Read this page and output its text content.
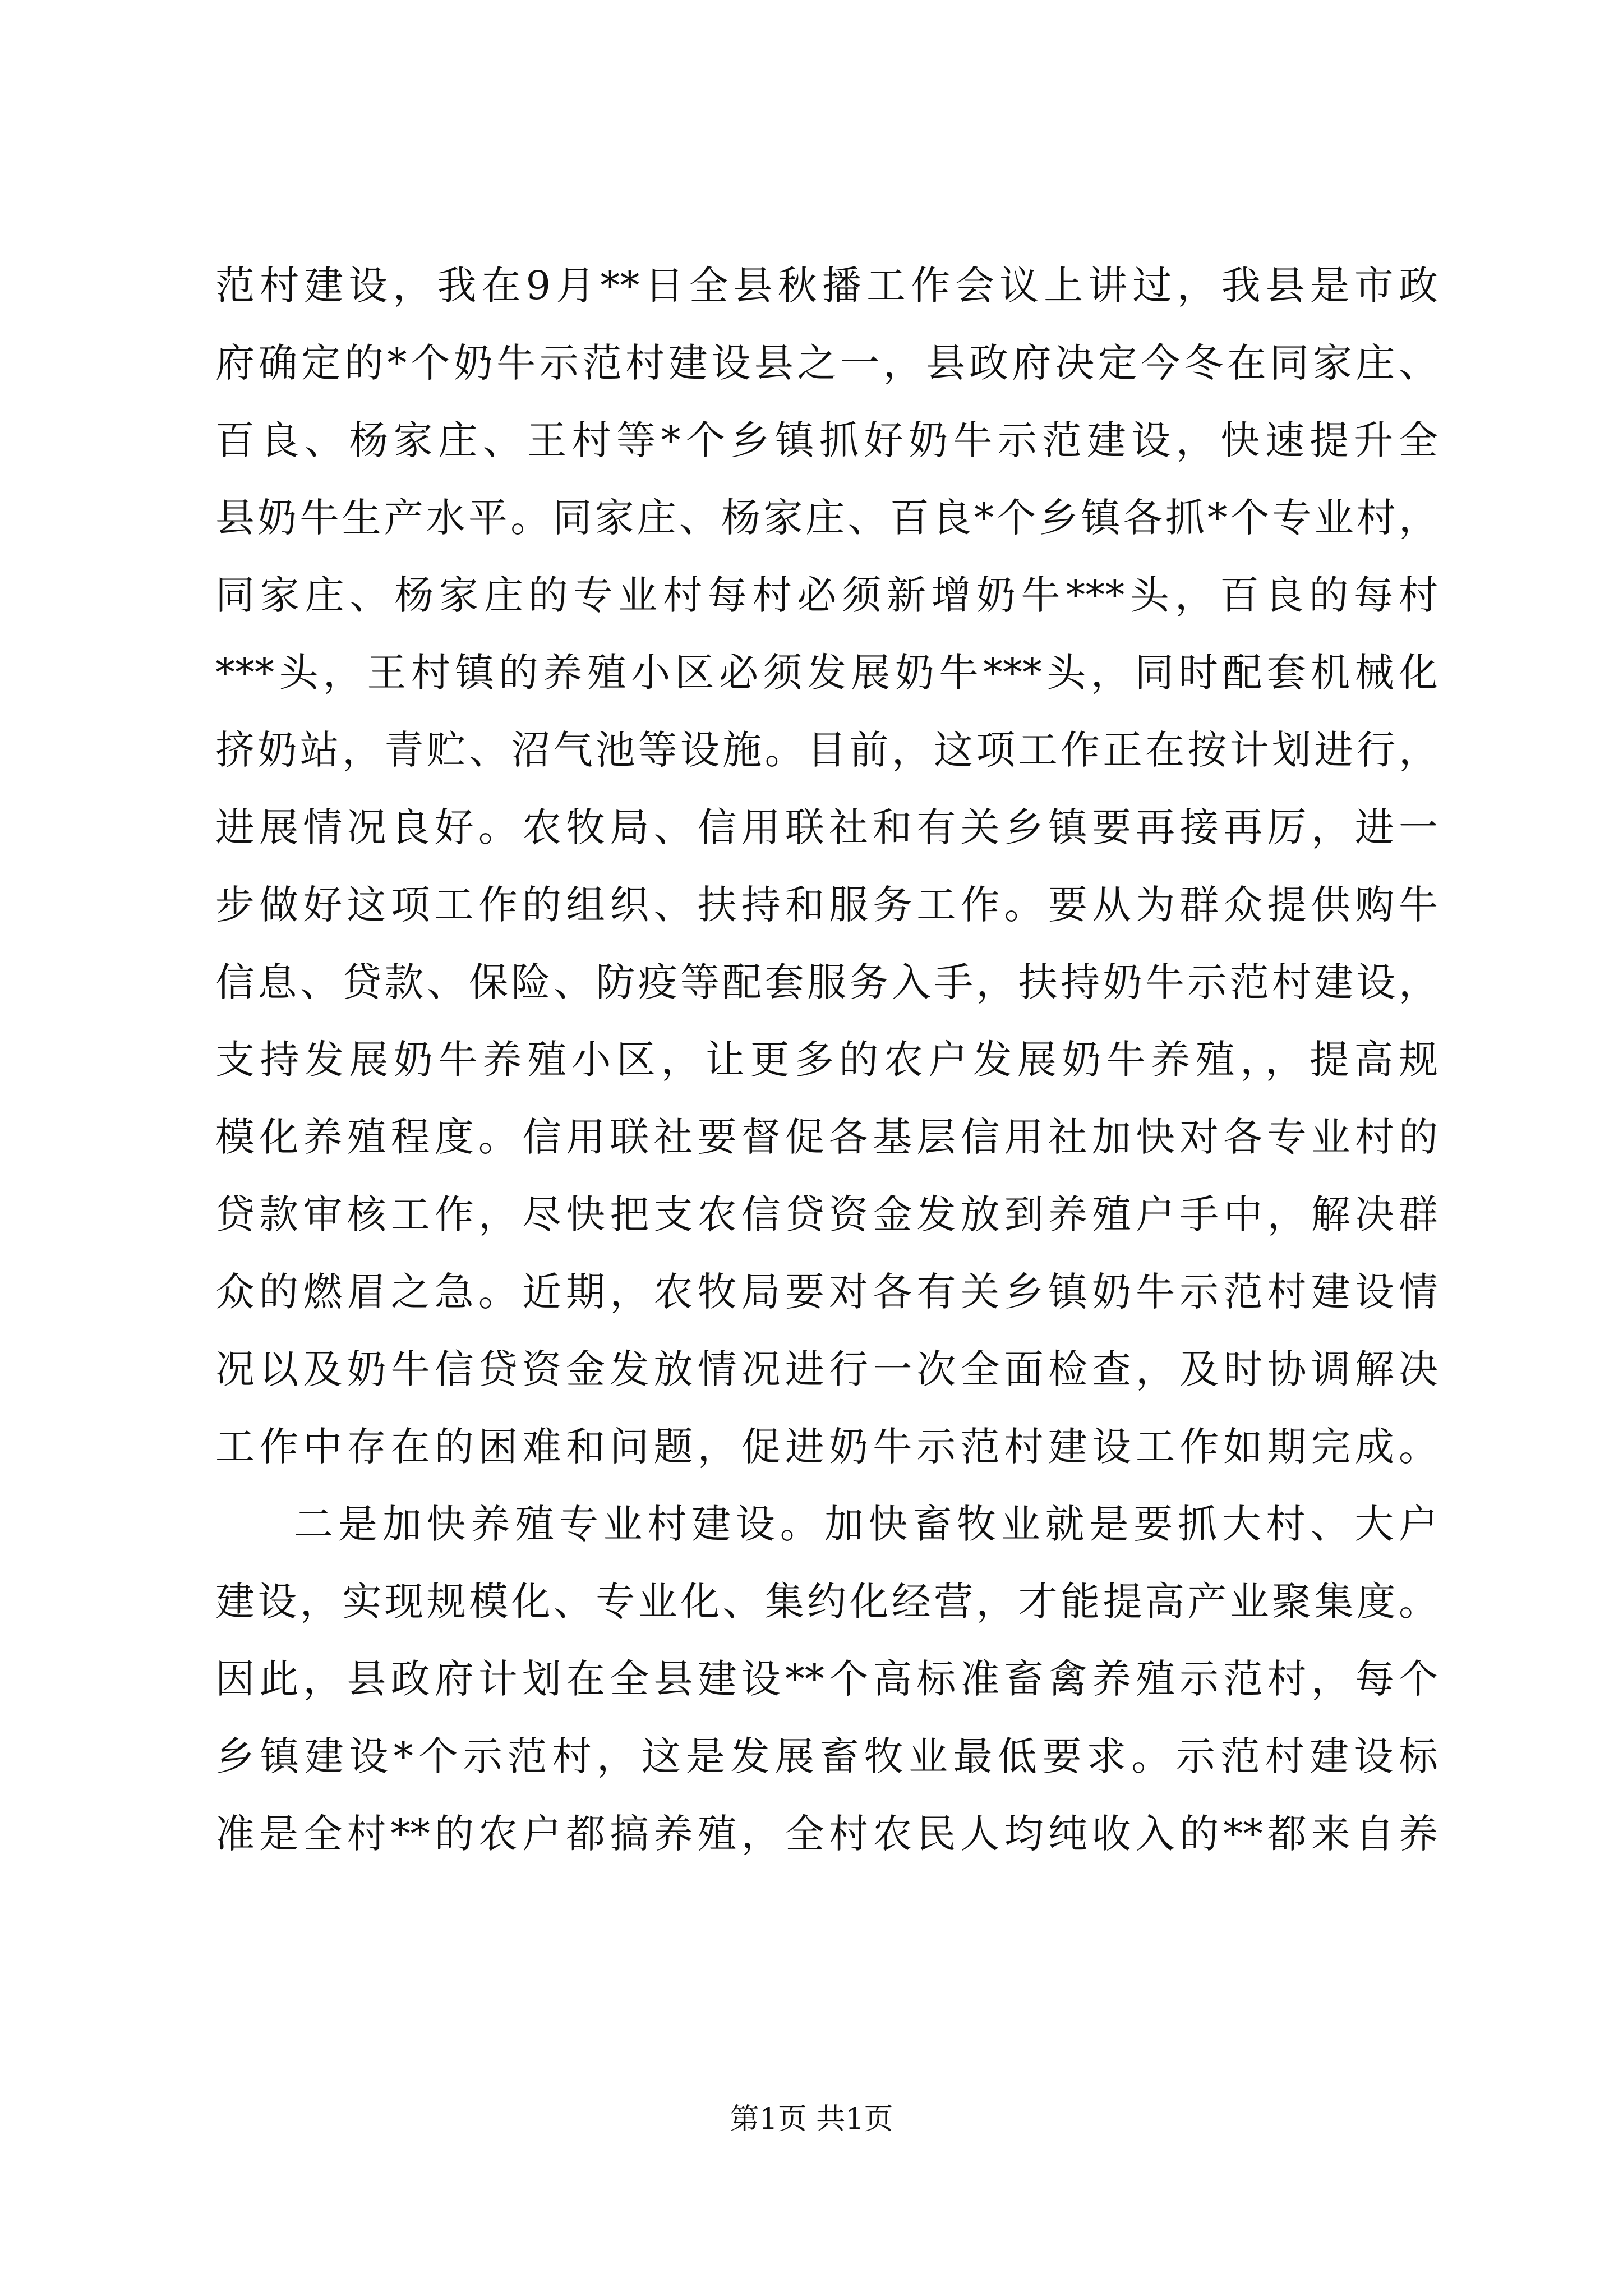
范村建设，我在9月**日全县秋播工作会议上讲过，我县是市政
府确定的*个奶牛示范村建设县之一，县政府决定今冬在同家庄、
百良、杨家庄、王村等*个乡镇抓好奶牛示范建设，快速提升全
县奶牛生产水平。同家庄、杨家庄、百良*个乡镇各抓*个专业村，
同家庄、杨家庄的专业村每村必须新增奶牛***头，百良的每村
***头，王村镇的养殖小区必须发展奶牛***头，同时配套机械化
挤奶站，青贮、沼气池等设施。目前，这项工作正在按计划进行，
进展情况良好。农牧局、信用联社和有关乡镇要再接再厉，进一
步做好这项工作的组织、扶持和服务工作。要从为群众提供购牛
信息、贷款、保险、防疫等配套服务入手，扶持奶牛示范村建设，
支持发展奶牛养殖小区，让更多的农户发展奶牛养殖，，提高规
模化养殖程度。信用联社要督促各基层信用社加快对各专业村的
贷款审核工作，尽快把支农信贷资金发放到养殖户手中，解决群
众的燃眉之急。近期，农牧局要对各有关乡镇奶牛示范村建设情
况以及奶牛信贷资金发放情况进行一次全面检查，及时协调解决
工作中存在的困难和问题，促进奶牛示范村建设工作如期完成。
二是加快养殖专业村建设。加快畜牧业就是要抓大村、大户
建设，实现规模化、专业化、集约化经营，才能提高产业聚集度。
因此，县政府计划在全县建设**个高标准畜禽养殖示范村，每个
乡镇建设*个示范村，这是发展畜牧业最低要求。示范村建设标
准是全村**的农户都搞养殖，全村农民人均纯收入的**都来自养
第1页 共1页
